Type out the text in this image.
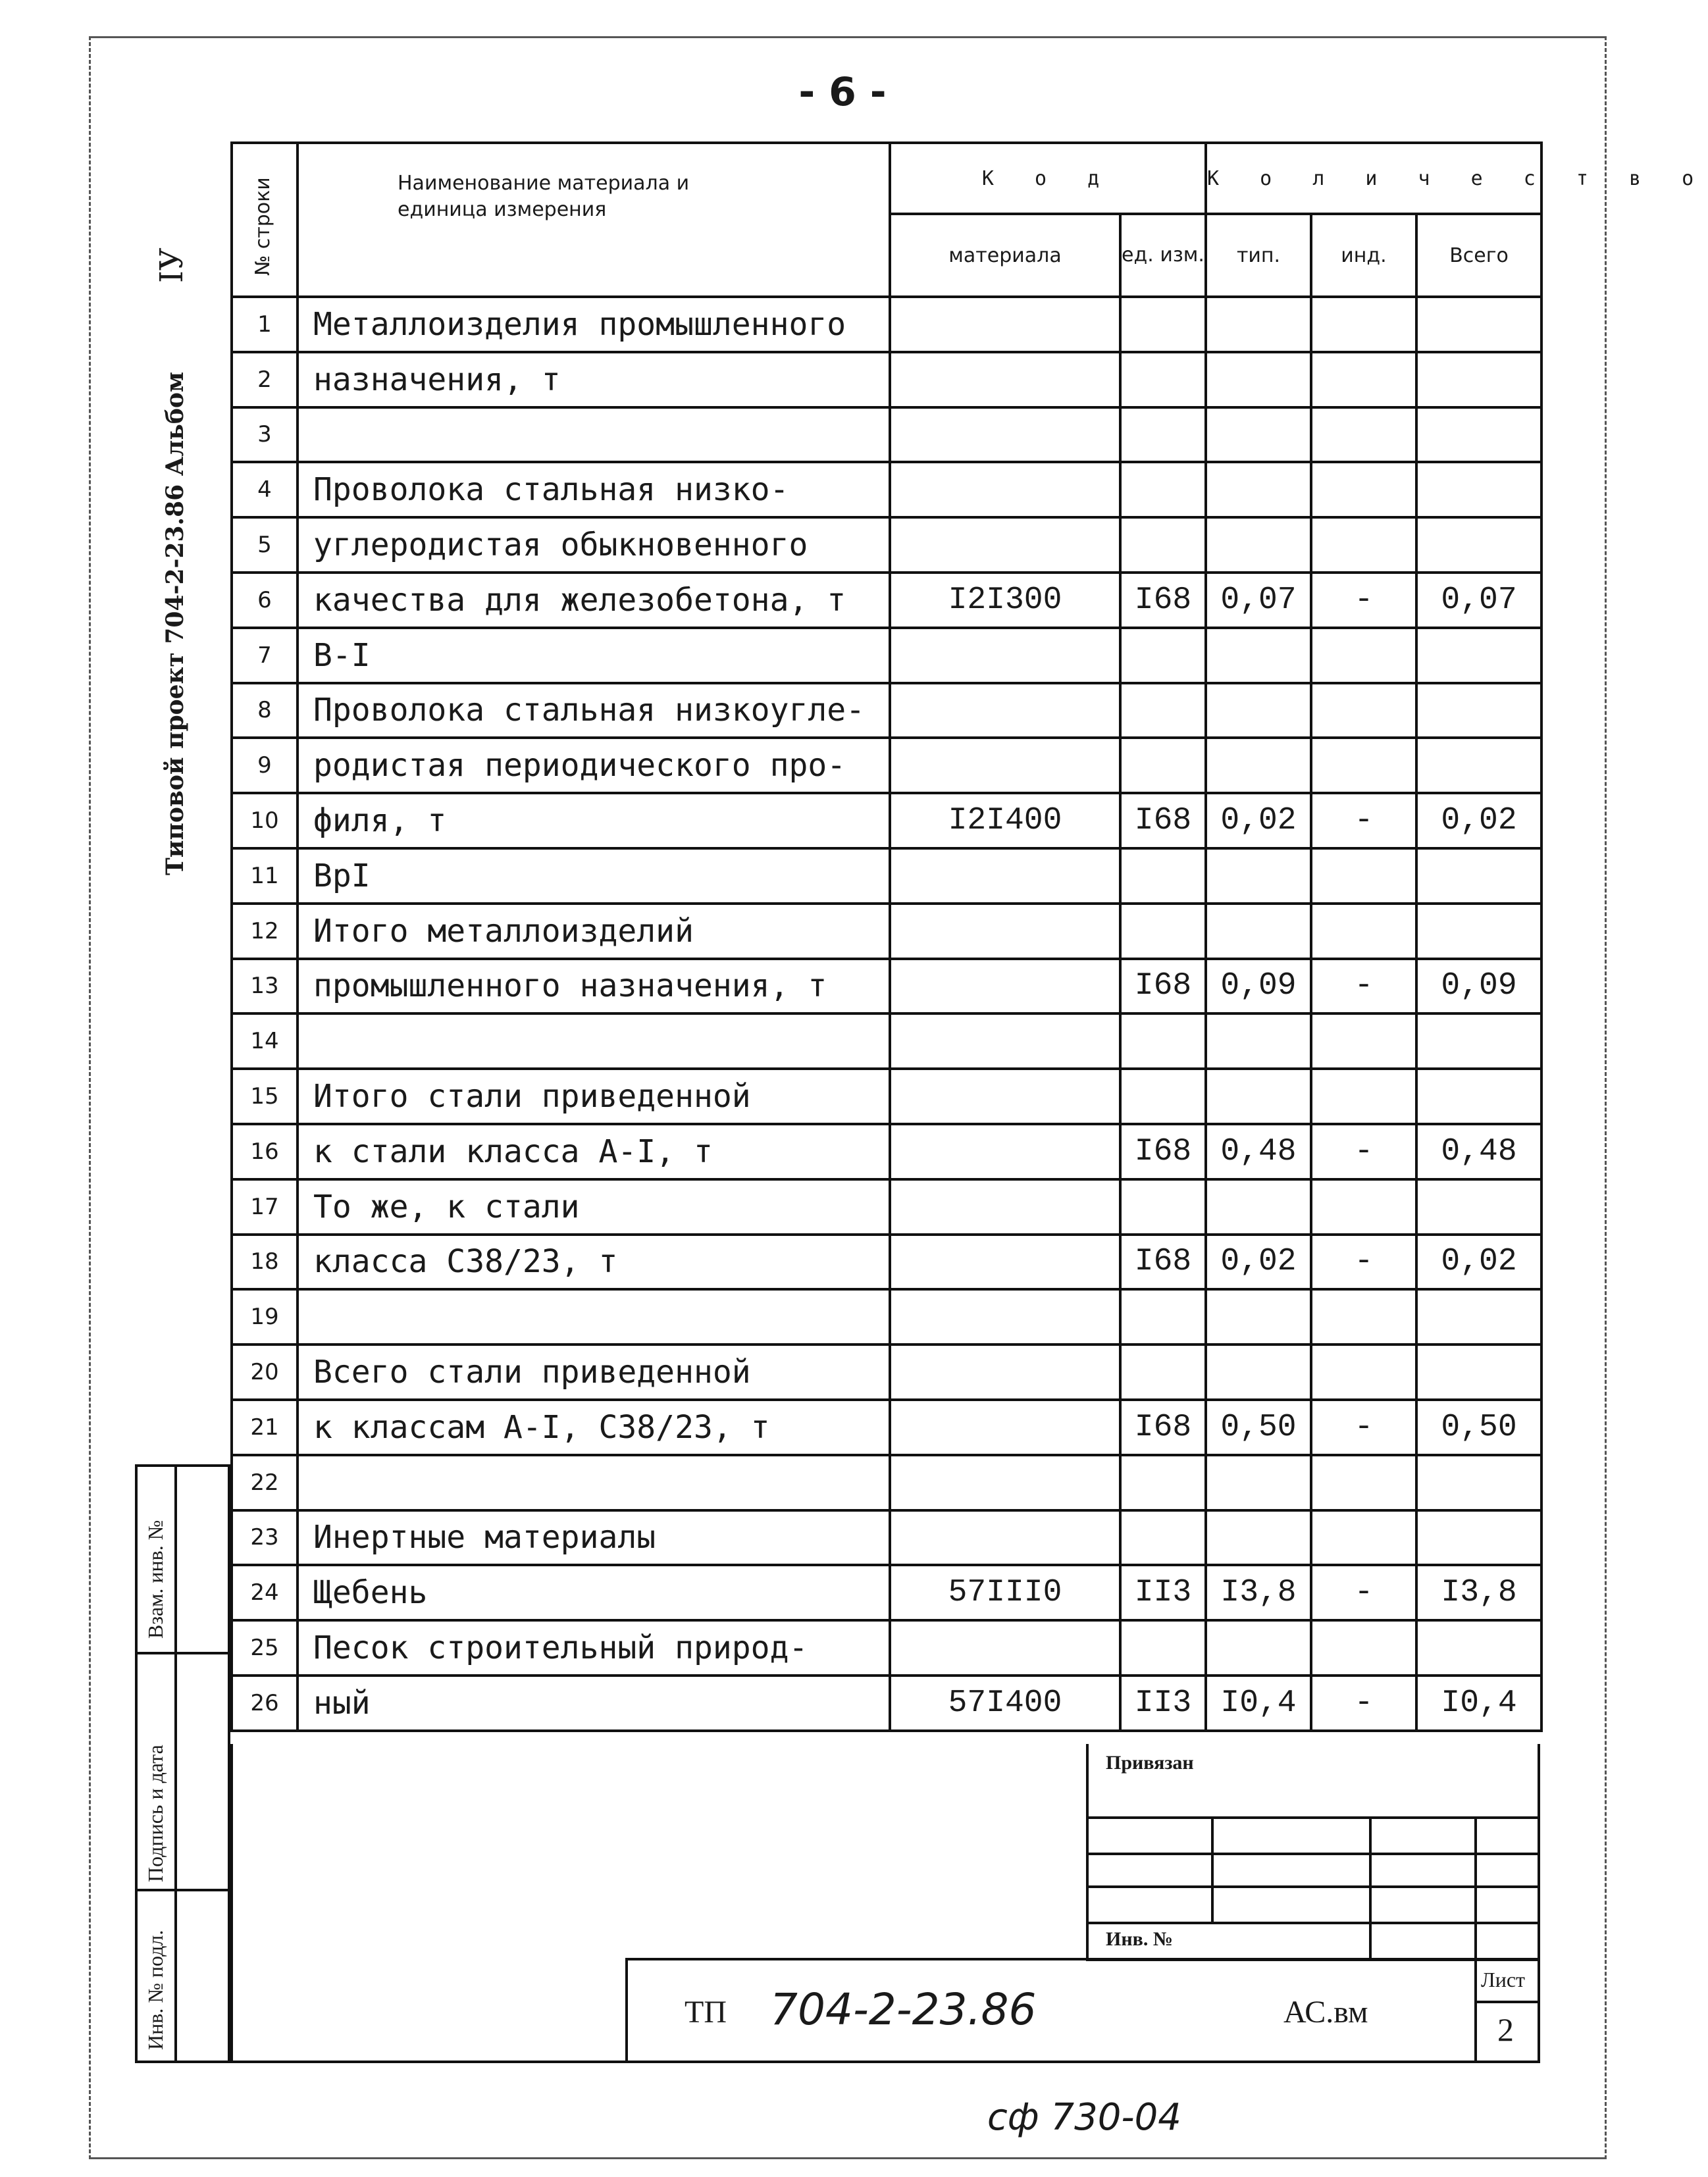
- 6 -
Типовой проект 704-2-23.86 Альбом
IУ	№ строки	Наименование материала и единица измерения	К о д		К о л и ч е с т в о		
		материала	ед. изм.	тип.	инд.	Всего
1	Металлоизделия промышленного					
2	назначения, т					
3						
4	Проволока стальная низко-					
5	углеродистая обыкновенного					
6	качества для железобетона, т	I2I300	I68	0,07	-	0,07
7	В-I					
8	Проволока стальная низкоугле-					
9	родистая периодического про-					
10	филя, т	I2I400	I68	0,02	-	0,02
11	ВрI					
12	Итого металлоизделий					
13	промышленного назначения, т		I68	0,09	-	0,09
14						
15	Итого стали приведенной					
16	к стали класса А-I, т		I68	0,48	-	0,48
17	То же, к стали					
18	класса С38/23, т		I68	0,02	-	0,02
19						
20	Всего стали приведенной					
21	к классам А-I, С38/23, т		I68	0,50	-	0,50
22						
23	Инертные материалы					
24	Щебень	57III0	II3	I3,8	-	I3,8
25	Песок строительный природ-					
26	ный	57I400	II3	I0,4	-	I0,4
Взам. инв. №
Подпись и дата
Инв. № подл.
Привязан
Инв. №
ТП 704-2-23.86	АС.вм
Лист
2
сф 730-04
